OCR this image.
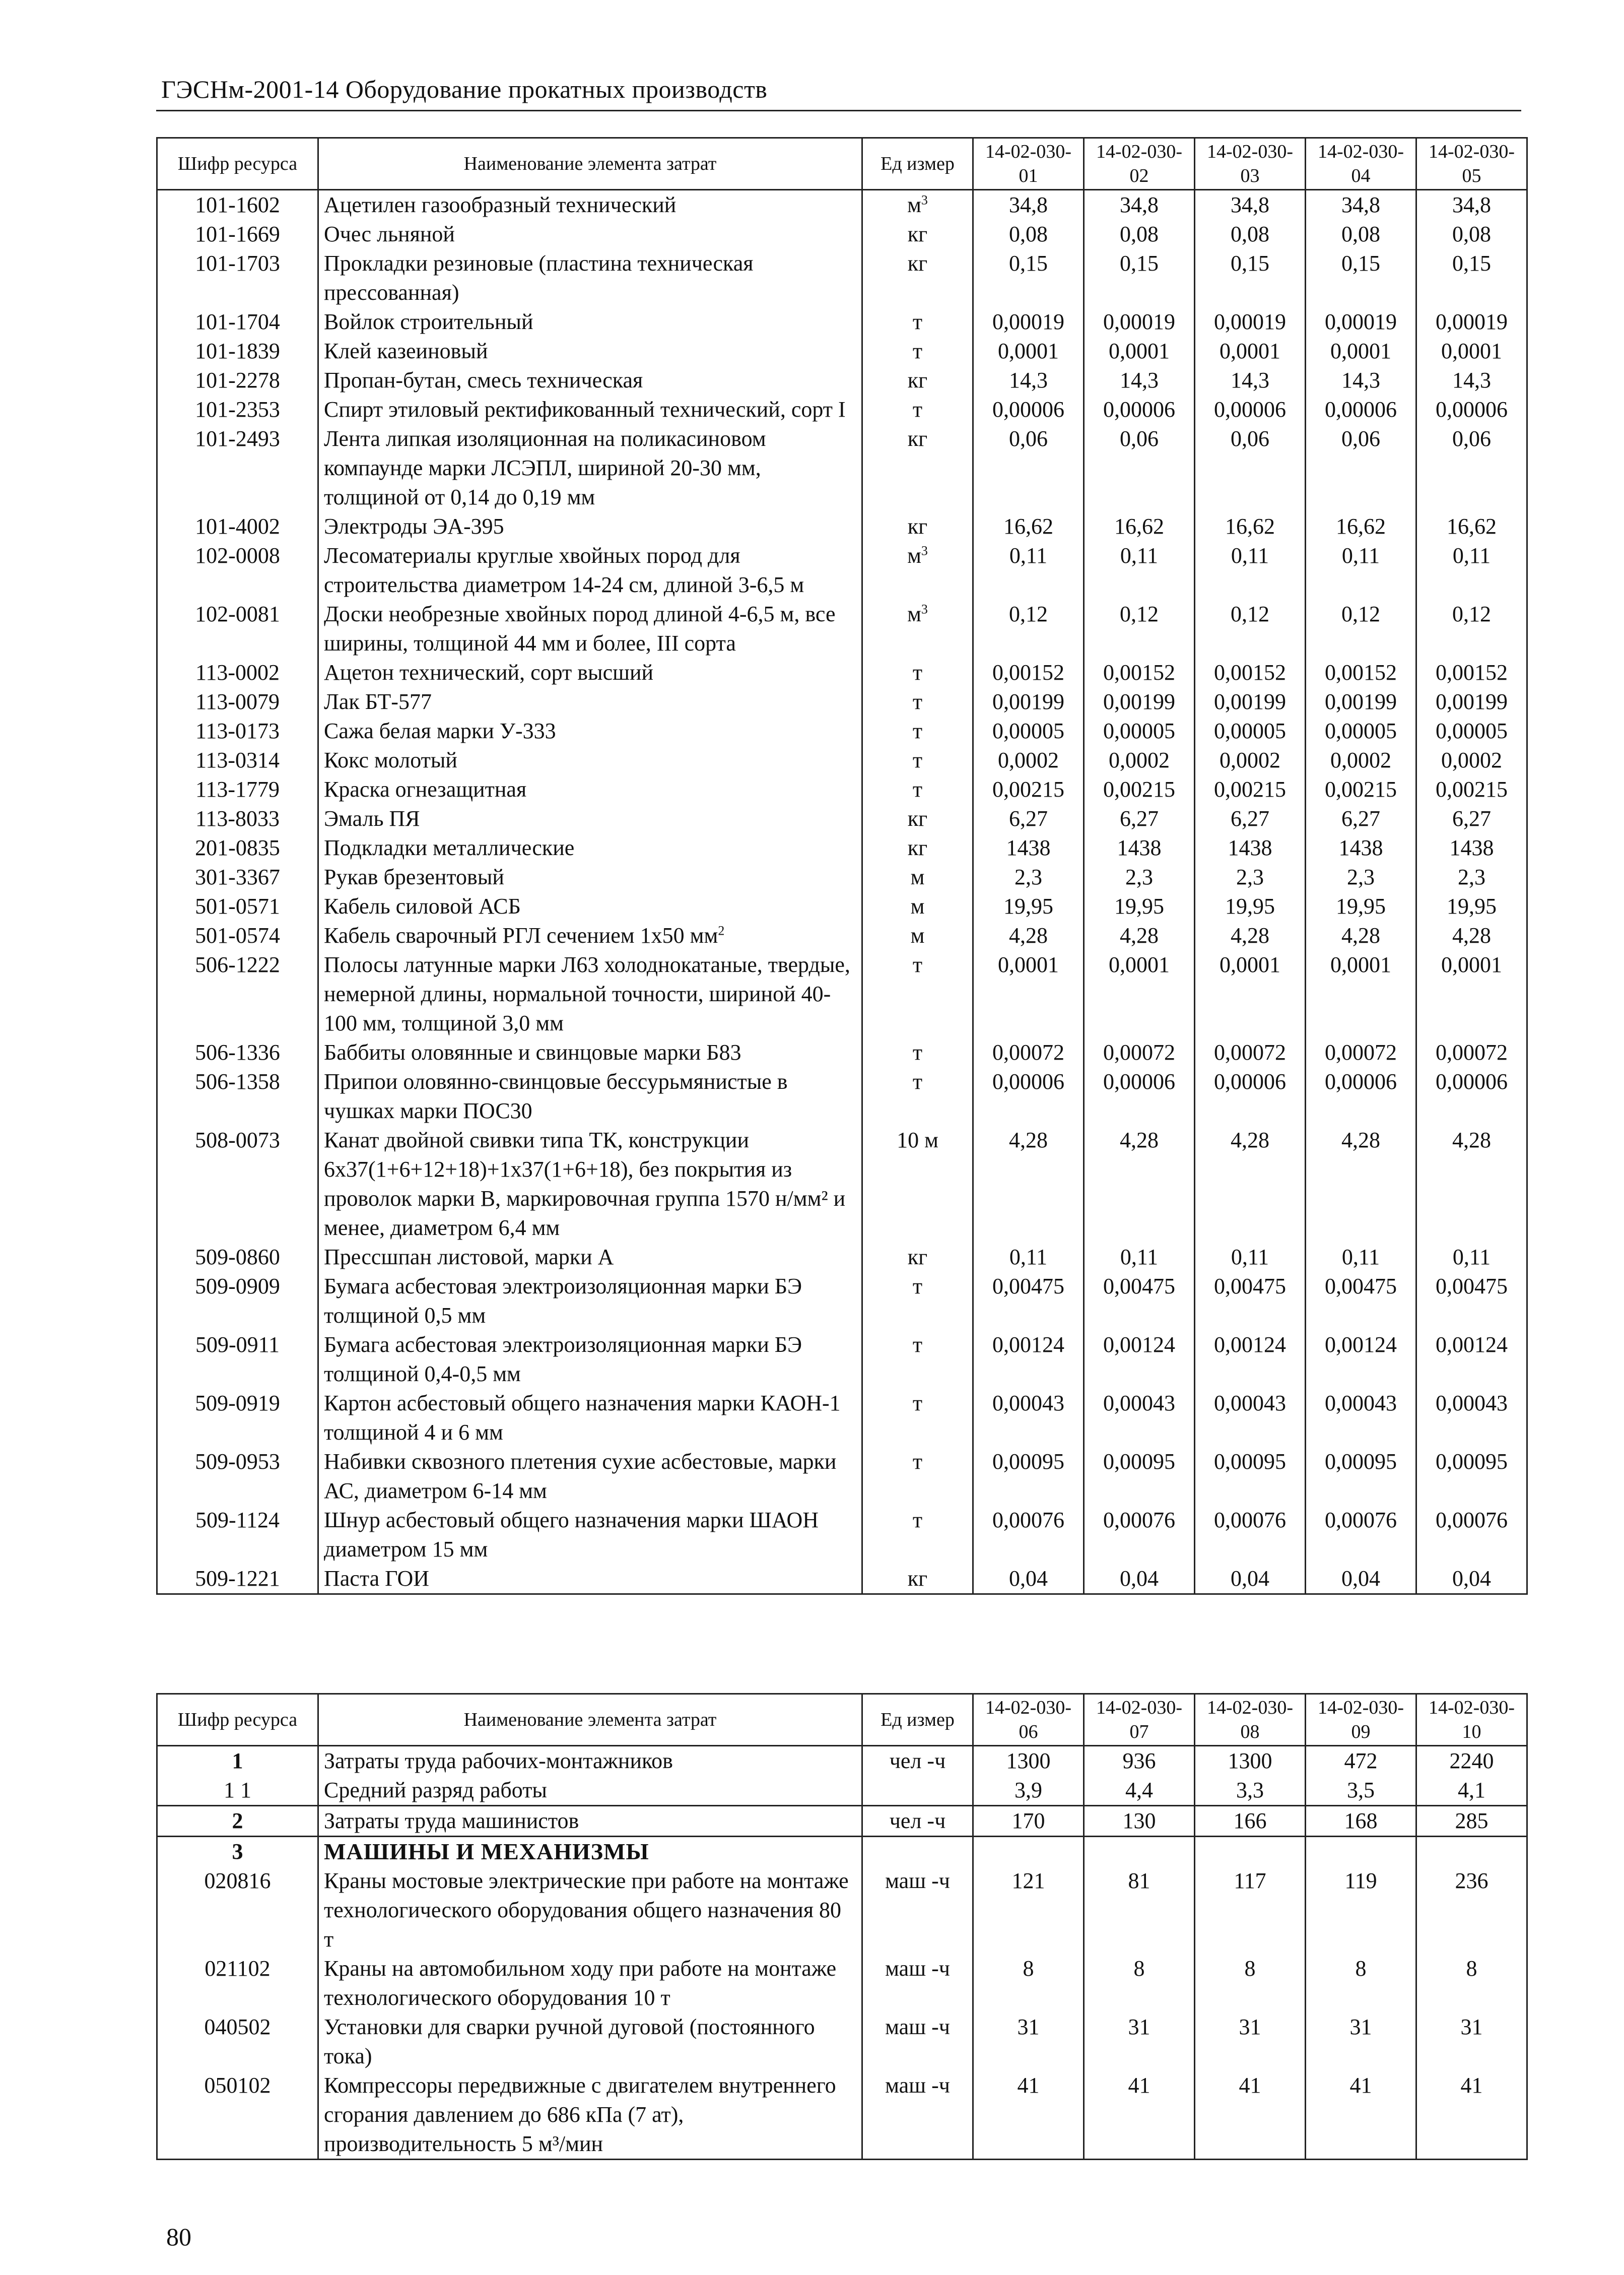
ГЭСНм-2001-14 Оборудование прокатных производств
Шифр ресурса	Наименование элемента затрат	Ед измер	14-02-030-01	14-02-030-02	14-02-030-03	14-02-030-04	14-02-030-05
101-1602	Ацетилен газообразный технический	$м^3$	34,8	34,8	34,8	34,8	34,8
101-1669	Очес льняной	кг	0,08	0,08	0,08	0,08	0,08
101-1703	Прокладки резиновые (пластина техническая прессованная)	кг	0,15	0,15	0,15	0,15	0,15
101-1704	Войлок строительный	т	0,00019	0,00019	0,00019	0,00019	0,00019
101-1839	Клей казеиновый	т	0,0001	0,0001	0,0001	0,0001	0,0001
101-2278	Пропан-бутан, смесь техническая	кг	14,3	14,3	14,3	14,3	14,3
101-2353	Спирт этиловый ректификованный технический, сорт I	т	0,00006	0,00006	0,00006	0,00006	0,00006
101-2493	Лента липкая изоляционная на поликасиновом компаунде марки ЛСЭПЛ, шириной 20-30 мм, толщиной от 0,14 до 0,19 мм	кг	0,06	0,06	0,06	0,06	0,06
101-4002	Электроды ЭА-395	кг	16,62	16,62	16,62	16,62	16,62
102-0008	Лесоматериалы круглые хвойных пород для строительства диаметром 14-24 см, длиной 3-6,5 м	$м^3$	0,11	0,11	0,11	0,11	0,11
102-0081	Доски необрезные хвойных пород длиной 4-6,5 м, все ширины, толщиной 44 мм и более, III сорта	$м^3$	0,12	0,12	0,12	0,12	0,12
113-0002	Ацетон технический, сорт высший	т	0,00152	0,00152	0,00152	0,00152	0,00152
113-0079	Лак БТ-577	т	0,00199	0,00199	0,00199	0,00199	0,00199
113-0173	Сажа белая марки У-333	т	0,00005	0,00005	0,00005	0,00005	0,00005
113-0314	Кокс молотый	т	0,0002	0,0002	0,0002	0,0002	0,0002
113-1779	Краска огнезащитная	т	0,00215	0,00215	0,00215	0,00215	0,00215
113-8033	Эмаль ПЯ	кг	6,27	6,27	6,27	6,27	6,27
201-0835	Подкладки металлические	кг	1438	1438	1438	1438	1438
301-3367	Рукав брезентовый	м	2,3	2,3	2,3	2,3	2,3
501-0571	Кабель силовой АСБ	м	19,95	19,95	19,95	19,95	19,95
501-0574	Кабель сварочный РГЛ сечением 1х50 $мм^2$	м	4,28	4,28	4,28	4,28	4,28
506-1222	Полосы латунные марки Л63 холоднокатаные, твердые, немерной длины, нормальной точности, шириной 40-100 мм, толщиной 3,0 мм	т	0,0001	0,0001	0,0001	0,0001	0,0001
506-1336	Баббиты оловянные и свинцовые марки Б83	т	0,00072	0,00072	0,00072	0,00072	0,00072
506-1358	Припои оловянно-свинцовые бессурьмянистые в чушках марки ПОС30	т	0,00006	0,00006	0,00006	0,00006	0,00006
508-0073	Канат двойной свивки типа ТК, конструкции 6х37(1+6+12+18)+1х37(1+6+18), без покрытия из проволок марки В, маркировочная группа 1570 н/мм² и менее, диаметром 6,4 мм	10 м	4,28	4,28	4,28	4,28	4,28
509-0860	Прессшпан листовой, марки А	кг	0,11	0,11	0,11	0,11	0,11
509-0909	Бумага асбестовая электроизоляционная марки БЭ толщиной 0,5 мм	т	0,00475	0,00475	0,00475	0,00475	0,00475
509-0911	Бумага асбестовая электроизоляционная марки БЭ толщиной 0,4-0,5 мм	т	0,00124	0,00124	0,00124	0,00124	0,00124
509-0919	Картон асбестовый общего назначения марки КАОН-1 толщиной 4 и 6 мм	т	0,00043	0,00043	0,00043	0,00043	0,00043
509-0953	Набивки сквозного плетения сухие асбестовые, марки АС, диаметром 6-14 мм	т	0,00095	0,00095	0,00095	0,00095	0,00095
509-1124	Шнур асбестовый общего назначения марки ШАОН диаметром 15 мм	т	0,00076	0,00076	0,00076	0,00076	0,00076
509-1221	Паста ГОИ	кг	0,04	0,04	0,04	0,04	0,04
Шифр ресурса	Наименование элемента затрат	Ед измер	14-02-030-06	14-02-030-07	14-02-030-08	14-02-030-09	14-02-030-10
1	Затраты труда рабочих-монтажников	чел -ч	1300	936	1300	472	2240
1 1	Средний разряд работы		3,9	4,4	3,3	3,5	4,1
2	Затраты труда машинистов	чел -ч	170	130	166	168	285
3	МАШИНЫ И МЕХАНИЗМЫ						
020816	Краны мостовые электрические при работе на монтаже технологического оборудования общего назначения 80 т	маш -ч	121	81	117	119	236
021102	Краны на автомобильном ходу при работе на монтаже технологического оборудования 10 т	маш -ч	8	8	8	8	8
040502	Установки для сварки ручной дуговой (постоянного тока)	маш -ч	31	31	31	31	31
050102	Компрессоры передвижные с двигателем внутреннего сгорания давлением до 686 кПа (7 ат), производительность 5 м³/мин	маш -ч	41	41	41	41	41
80
